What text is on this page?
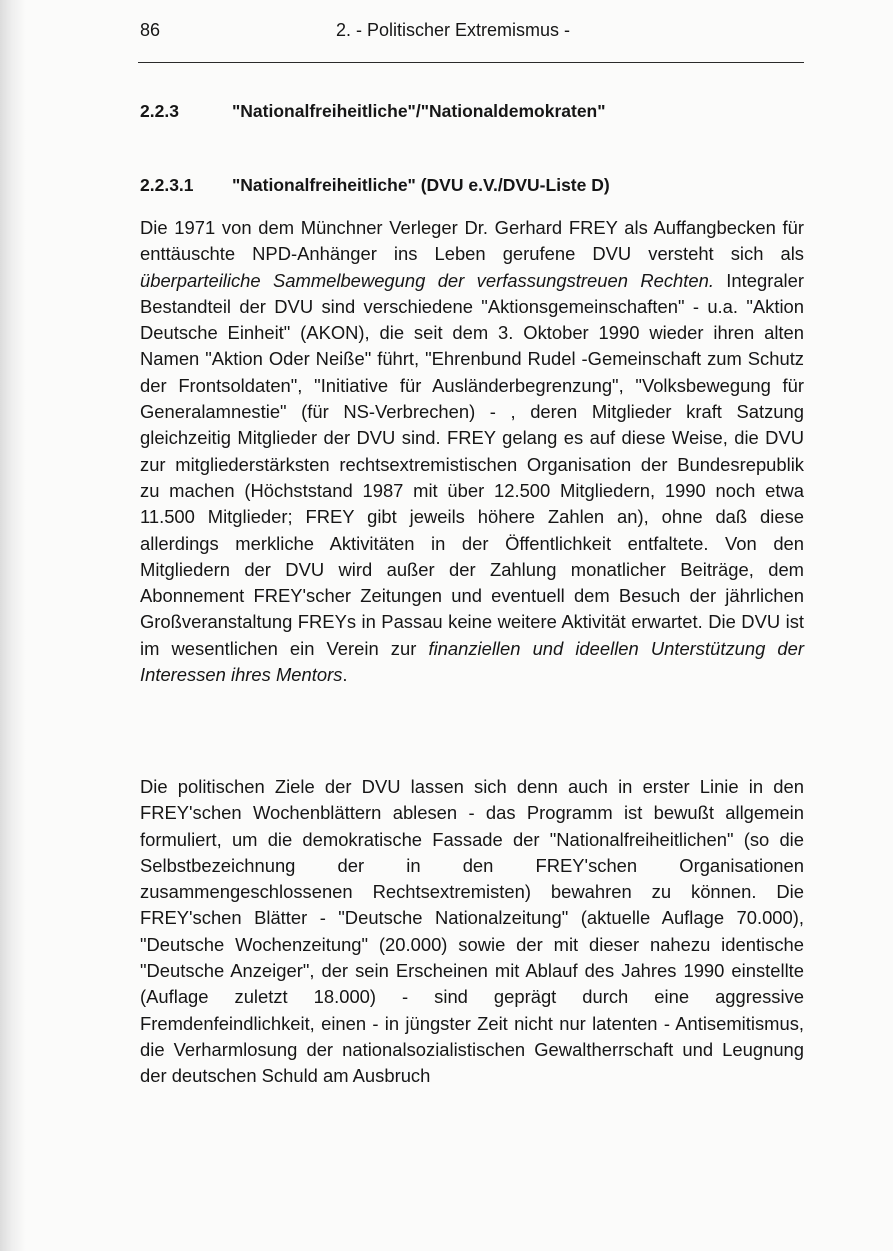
86	2. - Politischer Extremismus -
2.2.3	"Nationalfreiheitliche"/"Nationaldemokraten"
2.2.3.1 "Nationalfreiheitliche" (DVU e.V./DVU-Liste D)

Die 1971 von dem Münchner Verleger Dr. Gerhard FREY als Auffangbecken für enttäuschte NPD-Anhänger ins Leben gerufene DVU versteht sich als überparteiliche Sammelbewegung der verfassungstreuen Rechten. Integraler Bestandteil der DVU sind verschiedene "Aktionsgemeinschaften" - u.a. "Aktion Deutsche Einheit" (AKON), die seit dem 3. Oktober 1990 wieder ihren alten Namen "Aktion Oder Neiße" führt, "Ehrenbund Rudel -Gemeinschaft zum Schutz der Frontsoldaten", "Initiative für Ausländerbegrenzung", "Volksbewegung für Generalamnestie" (für NS-Verbrechen) - , deren Mitglieder kraft Satzung gleichzeitig Mitglieder der DVU sind. FREY gelang es auf diese Weise, die DVU zur mitgliederstärksten rechtsextremistischen Organisation der Bundesrepublik zu machen (Höchststand 1987 mit über 12.500 Mitgliedern, 1990 noch etwa 11.500 Mitglieder; FREY gibt jeweils höhere Zahlen an), ohne daß diese allerdings merkliche Aktivitäten in der Öffentlichkeit entfaltete. Von den Mitgliedern der DVU wird außer der Zahlung monatlicher Beiträge, dem Abonnement FREY'scher Zeitungen und eventuell dem Besuch der jährlichen Großveranstaltung FREYs in Passau keine weitere Aktivität erwartet. Die DVU ist im wesentlichen ein Verein zur finanziellen und ideellen Unterstützung der Interessen ihres Mentors.

Die politischen Ziele der DVU lassen sich denn auch in erster Linie in den FREY'schen Wochenblättern ablesen - das Programm ist bewußt allgemein formuliert, um die demokratische Fassade der "Nationalfreiheitlichen" (so die Selbstbezeichnung der in den FREY'schen Organisationen zusammengeschlossenen Rechtsextremisten) bewahren zu können. Die FREY'schen Blätter - "Deutsche Nationalzeitung" (aktuelle Auflage 70.000), "Deutsche Wochenzeitung" (20.000) sowie der mit dieser nahezu identische "Deutsche Anzeiger", der sein Erscheinen mit Ablauf des Jahres 1990 einstellte (Auflage zuletzt 18.000) - sind geprägt durch eine aggressive Fremdenfeindlichkeit, einen - in jüngster Zeit nicht nur latenten - Antisemitismus, die Verharmlosung der nationalsozialistischen Gewaltherrschaft und Leugnung der deutschen Schuld am Ausbruch
